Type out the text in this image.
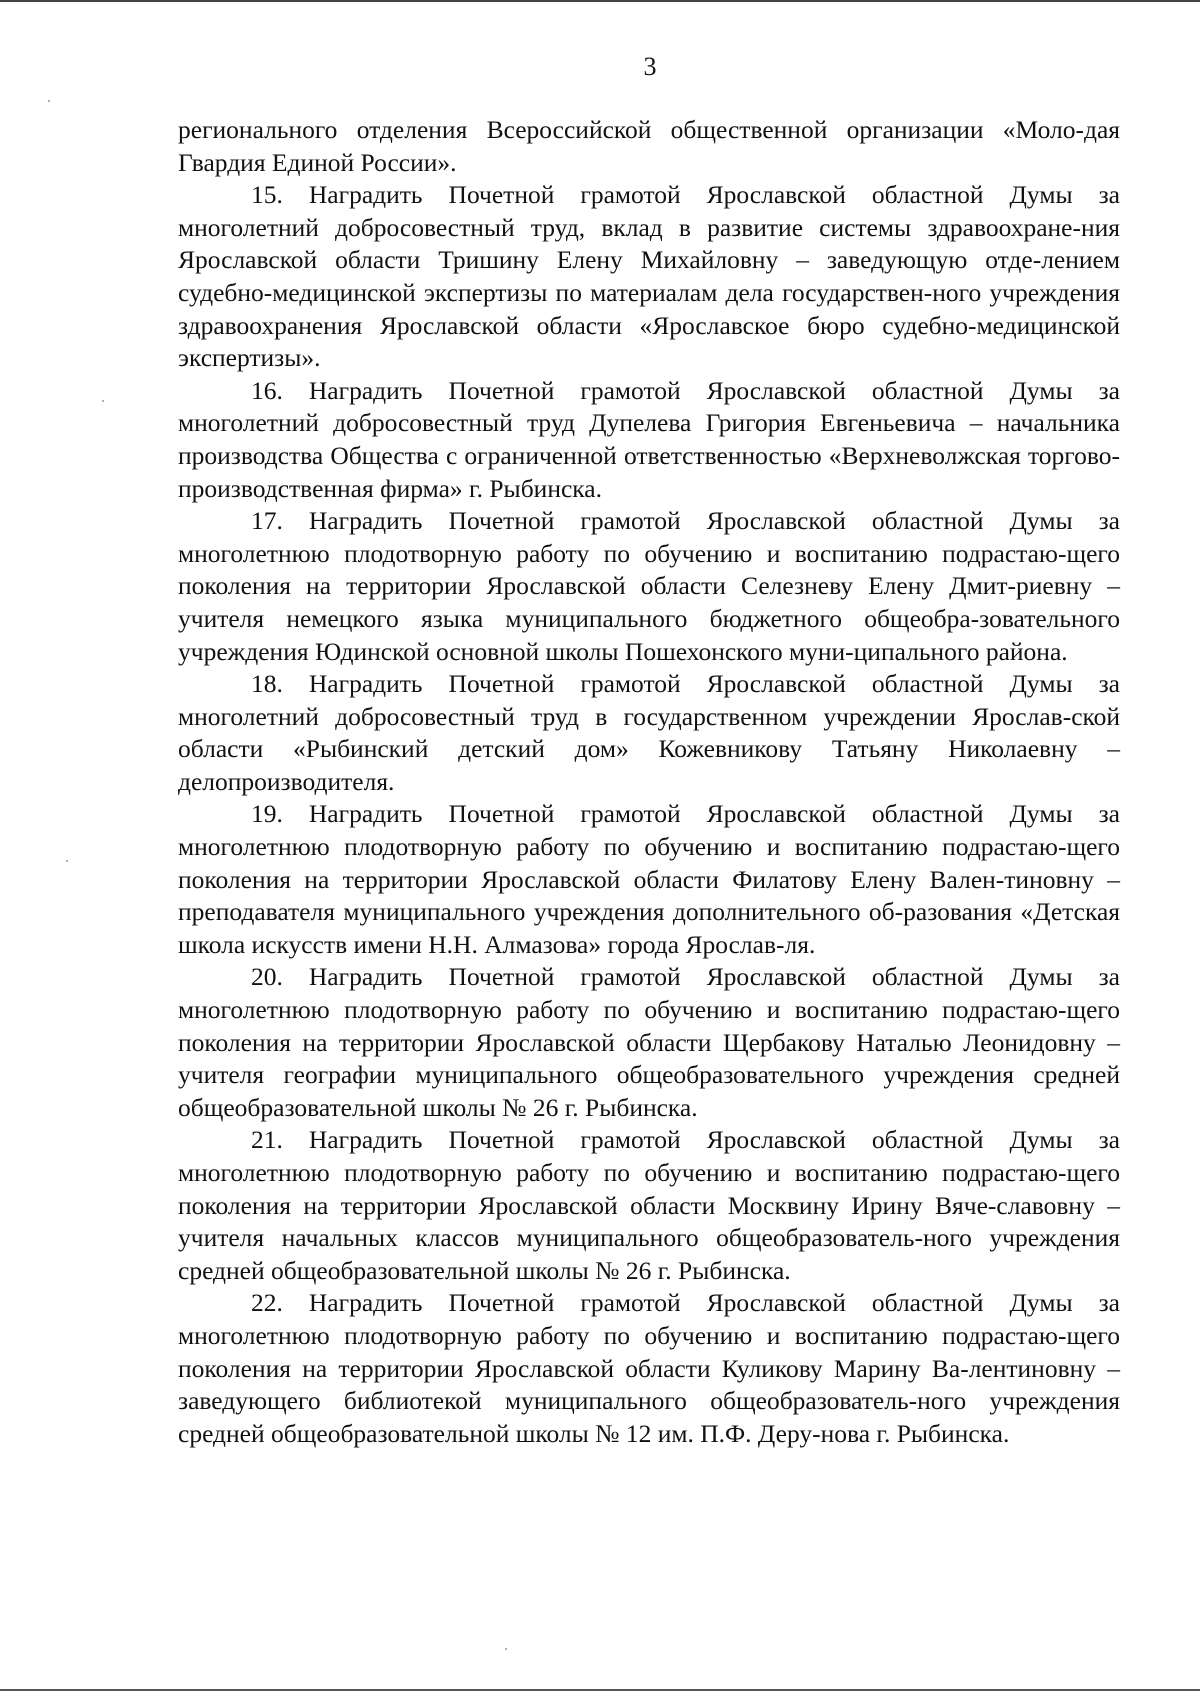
3

регионального отделения Всероссийской общественной организации «Моло-дая Гвардия Единой России».

15. Наградить Почетной грамотой Ярославской областной Думы за многолетний добросовестный труд, вклад в развитие системы здравоохране-ния Ярославской области Тришину Елену Михайловну – заведующую отде-лением судебно-медицинской экспертизы по материалам дела государствен-ного учреждения здравоохранения Ярославской области «Ярославское бюро судебно-медицинской экспертизы».

16. Наградить Почетной грамотой Ярославской областной Думы за многолетний добросовестный труд Дупелева Григория Евгеньевича – начальника производства Общества с ограниченной ответственностью «Верхневолжская торгово-производственная фирма» г. Рыбинска.

17. Наградить Почетной грамотой Ярославской областной Думы за многолетнюю плодотворную работу по обучению и воспитанию подрастаю-щего поколения на территории Ярославской области Селезневу Елену Дмит-риевну – учителя немецкого языка муниципального бюджетного общеобра-зовательного учреждения Юдинской основной школы Пошехонского муни-ципального района.

18. Наградить Почетной грамотой Ярославской областной Думы за многолетний добросовестный труд в государственном учреждении Ярослав-ской области «Рыбинский детский дом» Кожевникову Татьяну Николаевну – делопроизводителя.

19. Наградить Почетной грамотой Ярославской областной Думы за многолетнюю плодотворную работу по обучению и воспитанию подрастаю-щего поколения на территории Ярославской области Филатову Елену Вален-тиновну – преподавателя муниципального учреждения дополнительного об-разования «Детская школа искусств имени Н.Н. Алмазова» города Ярослав-ля.

20. Наградить Почетной грамотой Ярославской областной Думы за многолетнюю плодотворную работу по обучению и воспитанию подрастаю-щего поколения на территории Ярославской области Щербакову Наталью Леонидовну – учителя географии муниципального общеобразовательного учреждения средней общеобразовательной школы № 26 г. Рыбинска.

21. Наградить Почетной грамотой Ярославской областной Думы за многолетнюю плодотворную работу по обучению и воспитанию подрастаю-щего поколения на территории Ярославской области Москвину Ирину Вяче-славовну – учителя начальных классов муниципального общеобразователь-ного учреждения средней общеобразовательной школы № 26 г. Рыбинска.

22. Наградить Почетной грамотой Ярославской областной Думы за многолетнюю плодотворную работу по обучению и воспитанию подрастаю-щего поколения на территории Ярославской области Куликову Марину Ва-лентиновну – заведующего библиотекой муниципального общеобразователь-ного учреждения средней общеобразовательной школы № 12 им. П.Ф. Деру-нова г. Рыбинска.
